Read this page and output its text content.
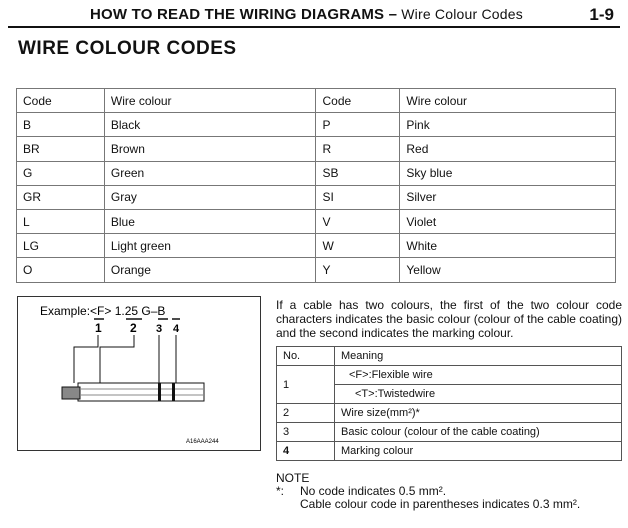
HOW TO READ THE WIRING DIAGRAMS – Wire Colour Codes	1-9
WIRE COLOUR CODES
Code	Wire colour	Code	Wire colour
B	Black	P	Pink
BR	Brown	R	Red
G	Green	SB	Sky blue
GR	Gray	SI	Silver
L	Blue	V	Violet
LG	Light green	W	White
O	Orange	Y	Yellow
Example:<F> 1.25 G–B
1 2 3 4
A16AAA244
If a cable has two colours, the first of the two colour code characters indicates the basic colour (colour of the cable coating) and the second indicates the marking colour.
No.	Meaning
1	<F>:Flexible wire
	<T>:Twistedwire
2	Wire size(mm²)*
3	Basic colour (colour of the cable coating)
4	Marking colour
NOTE
*: No code indicates 0.5 mm².
Cable colour code in parentheses indicates 0.3 mm².
